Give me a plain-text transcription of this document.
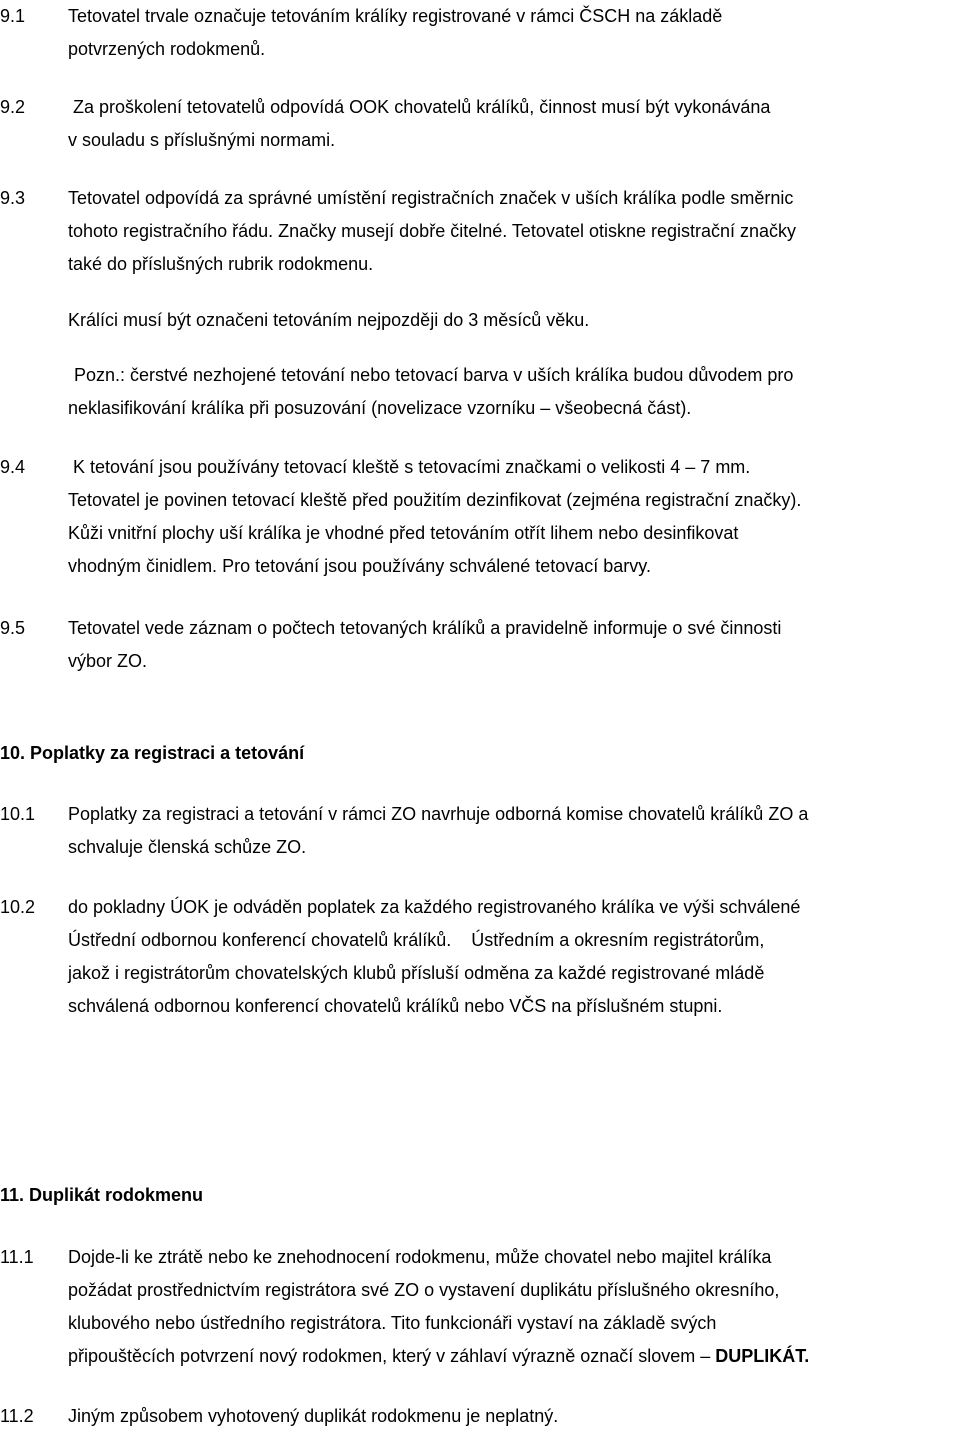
9.1 Tetovatel trvale označuje tetováním králíky registrované v rámci ČSCH na základě
potvrzených rodokmenů.
9.2 Za proškolení tetovatelů odpovídá OOK chovatelů králíků, činnost musí být vykonávána
v souladu s příslušnými normami.
9.3 Tetovatel odpovídá za správné umístění registračních značek v uších králíka podle směrnic
tohoto registračního řádu. Značky musejí dobře čitelné. Tetovatel otiskne registrační značky
také do příslušných rubrik rodokmenu.
Králíci musí být označeni tetováním nejpozději do 3 měsíců věku.
Pozn.: čerstvé nezhojené tetování nebo tetovací barva v uších králíka budou důvodem pro
neklasifikování králíka při posuzování (novelizace vzorníku – všeobecná část).
9.4 K tetování jsou používány tetovací kleště s tetovacími značkami o velikosti 4 – 7 mm.
Tetovatel je povinen tetovací kleště před použitím dezinfikovat (zejména registrační značky).
Kůži vnitřní plochy uší králíka je vhodné před tetováním otřít lihem nebo desinfikovat
vhodným činidlem. Pro tetování jsou používány schválené tetovací barvy.
9.5 Tetovatel vede záznam o počtech tetovaných králíků a pravidelně informuje o své činnosti
výbor ZO.
10. Poplatky za registraci a tetování
10.1 Poplatky za registraci a tetování v rámci ZO navrhuje odborná komise chovatelů králíků ZO a
schvaluje členská schůze ZO.
10.2 do pokladny ÚOK je odváděn poplatek za každého registrovaného králíka ve výši schválené
Ústřední odbornou konferencí chovatelů králíků.    Ústředním a okresním registrátorům,
jakož i registrátorům chovatelských klubů přísluší odměna za každé registrované mládě
schválená odbornou konferencí chovatelů králíků nebo VČS na příslušném stupni.
11. Duplikát rodokmenu
11.1 Dojde-li ke ztrátě nebo ke znehodnocení rodokmenu, může chovatel nebo majitel králíka
požádat prostřednictvím registrátora své ZO o vystavení duplikátu příslušného okresního,
klubového nebo ústředního registrátora. Tito funkcionáři vystaví na základě svých
připouštěcích potvrzení nový rodokmen, který v záhlaví výrazně označí slovem – DUPLIKÁT.
11.2 Jiným způsobem vyhotovený duplikát rodokmenu je neplatný.
